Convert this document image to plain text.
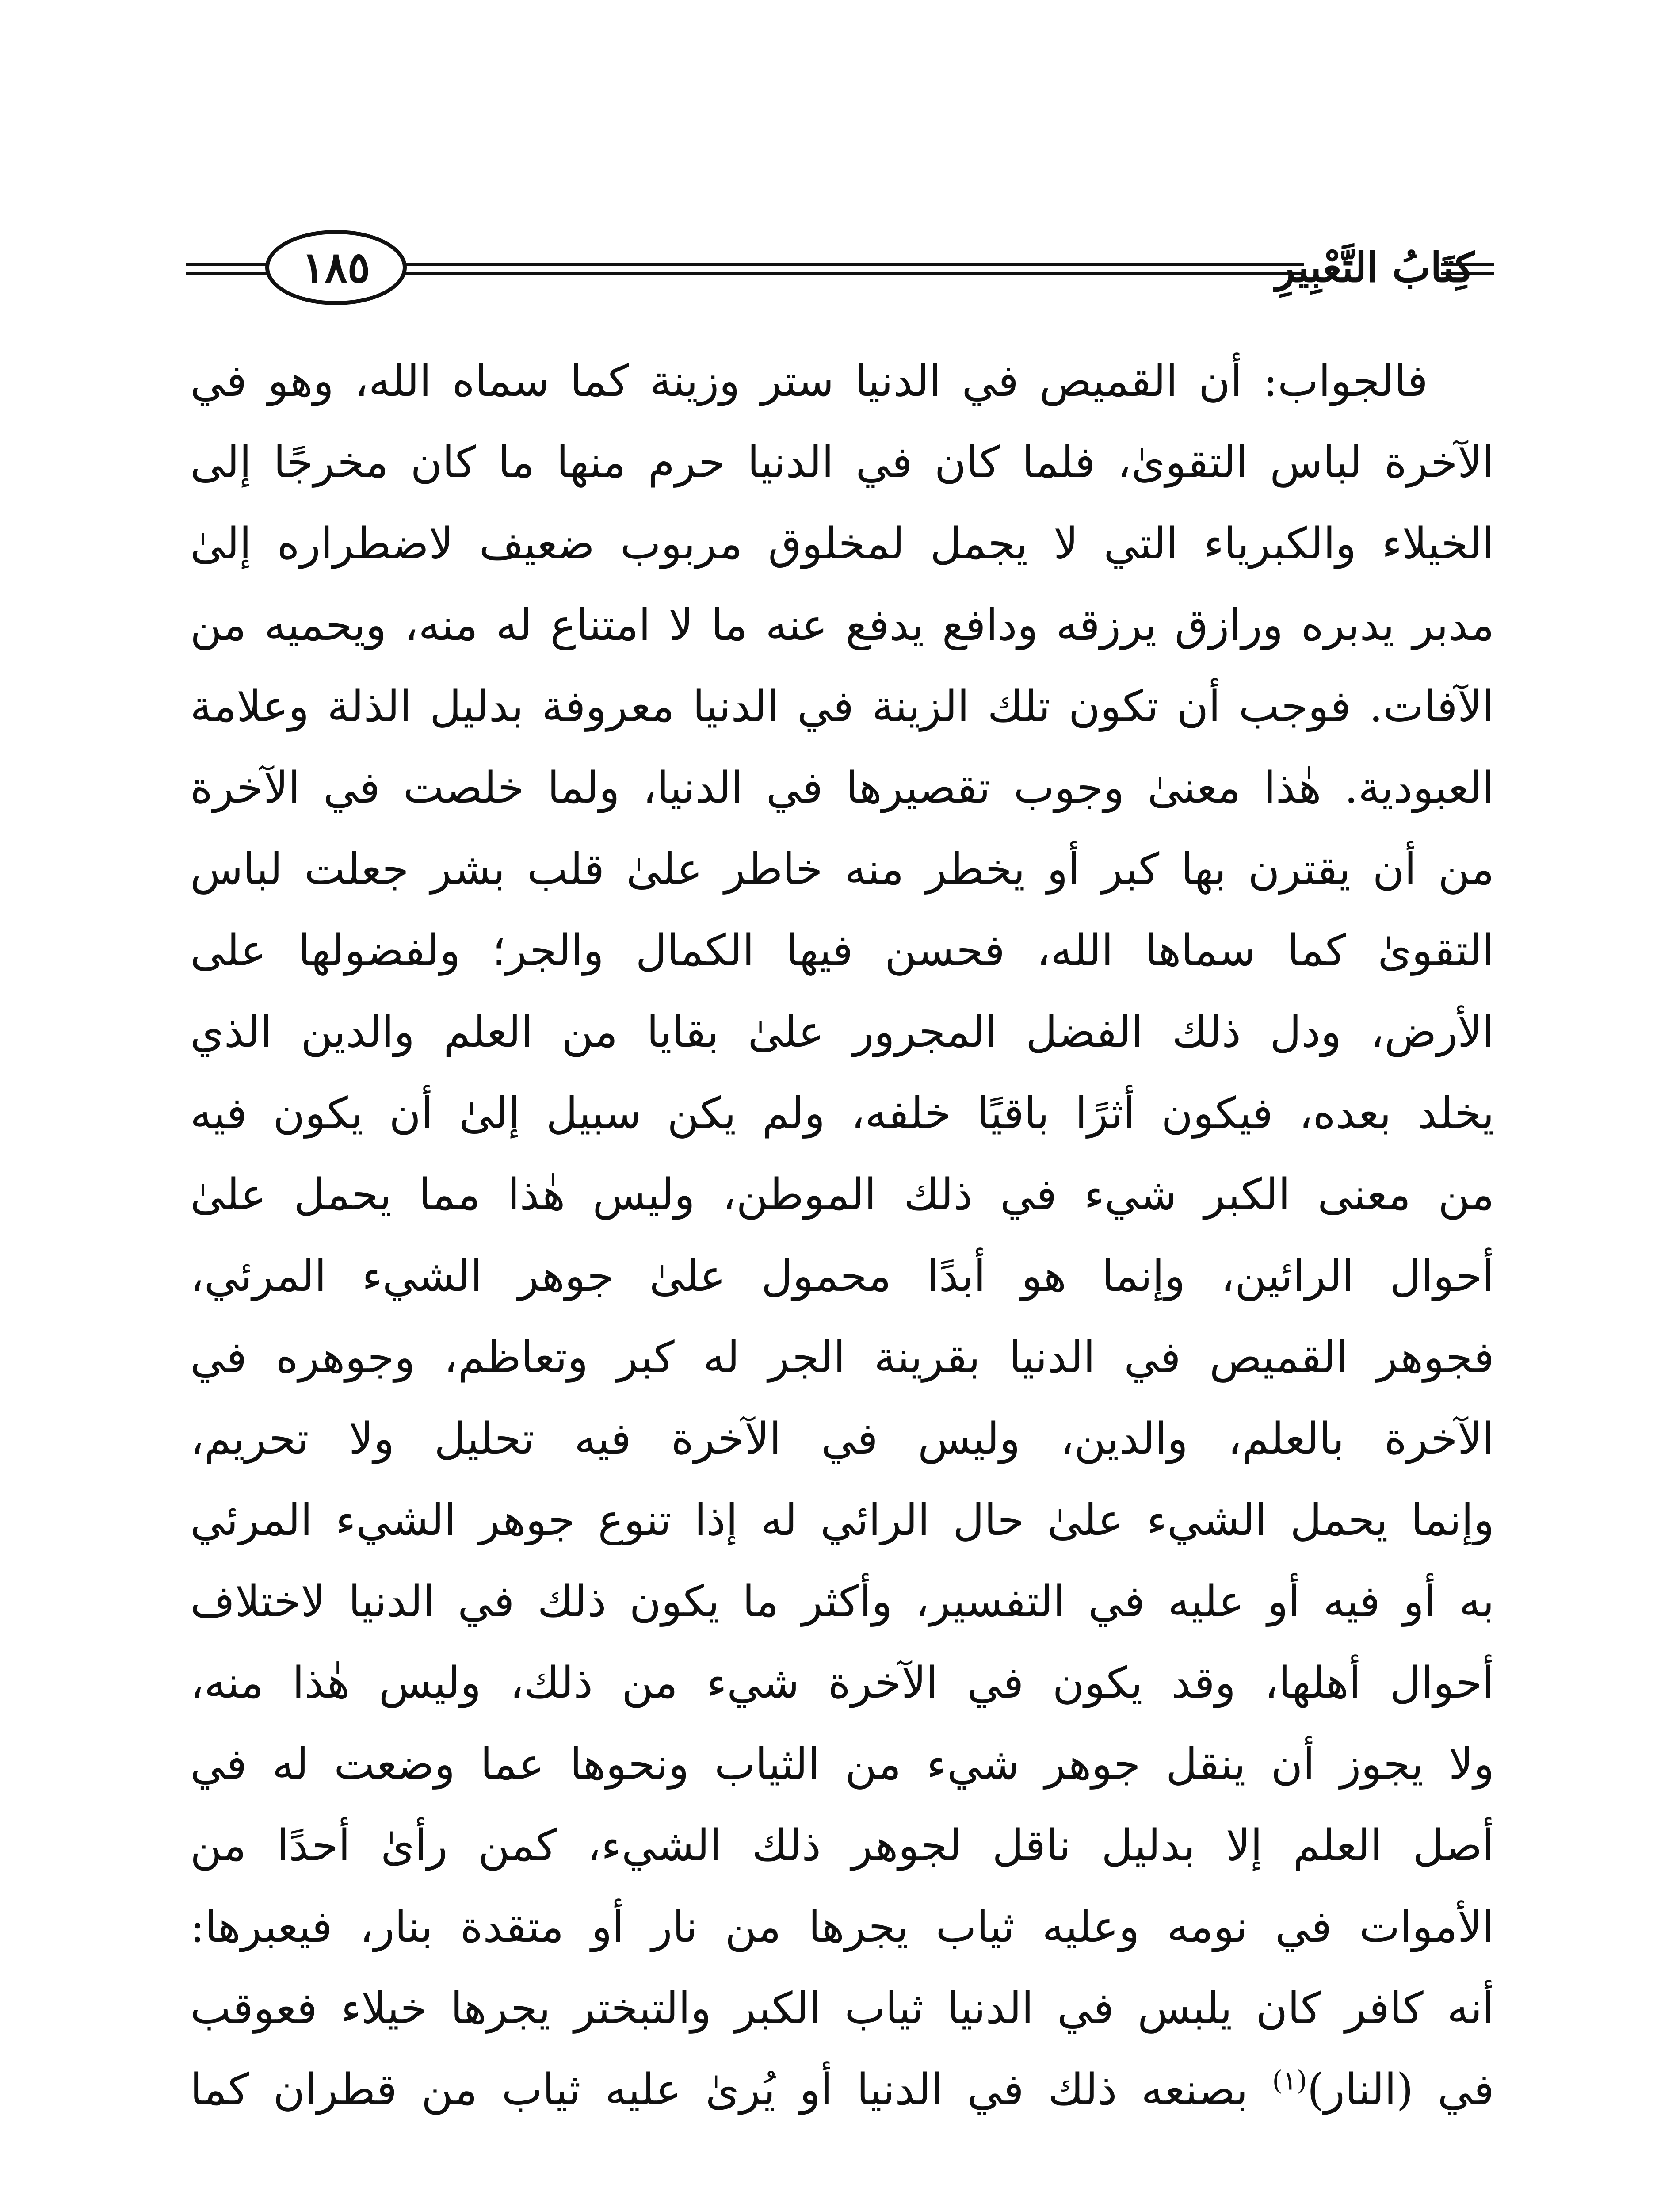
١٨٥	كِتَابُ التَّعْبِيرِ
فالجواب: أن القميص في الدنيا ستر وزينة كما سماه الله، وهو في
الآخرة لباس التقوىٰ، فلما كان في الدنيا حرم منها ما كان مخرجًا إلى
الخيلاء والكبرياء التي لا يجمل لمخلوق مربوب ضعيف لاضطراره إلىٰ
مدبر يدبره ورازق يرزقه ودافع يدفع عنه ما لا امتناع له منه، ويحميه من
الآفات. فوجب أن تكون تلك الزينة في الدنيا معروفة بدليل الذلة وعلامة
العبودية. هٰذا معنىٰ وجوب تقصيرها في الدنيا، ولما خلصت في الآخرة
من أن يقترن بها كبر أو يخطر منه خاطر علىٰ قلب بشر جعلت لباس
التقوىٰ كما سماها الله، فحسن فيها الكمال والجر؛ ولفضولها على
الأرض، ودل ذلك الفضل المجرور علىٰ بقايا من العلم والدين الذي
يخلد بعده، فيكون أثرًا باقيًا خلفه، ولم يكن سبيل إلىٰ أن يكون فيه
من معنى الكبر شيء في ذلك الموطن، وليس هٰذا مما يحمل علىٰ
أحوال الرائين، وإنما هو أبدًا محمول علىٰ جوهر الشيء المرئي،
فجوهر القميص في الدنيا بقرينة الجر له كبر وتعاظم، وجوهره في
الآخرة بالعلم، والدين، وليس في الآخرة فيه تحليل ولا تحريم،
وإنما يحمل الشيء علىٰ حال الرائي له إذا تنوع جوهر الشيء المرئي
به أو فيه أو عليه في التفسير، وأكثر ما يكون ذلك في الدنيا لاختلاف
أحوال أهلها، وقد يكون في الآخرة شيء من ذلك، وليس هٰذا منه،
ولا يجوز أن ينقل جوهر شيء من الثياب ونحوها عما وضعت له في
أصل العلم إلا بدليل ناقل لجوهر ذلك الشيء، كمن رأىٰ أحدًا من
الأموات في نومه وعليه ثياب يجرها من نار أو متقدة بنار، فيعبرها:
أنه كافر كان يلبس في الدنيا ثياب الكبر والتبختر يجرها خيلاء فعوقب
في (النار)$^{(١)}$ بصنعه ذلك في الدنيا أو يُرىٰ عليه ثياب من قطران كما
